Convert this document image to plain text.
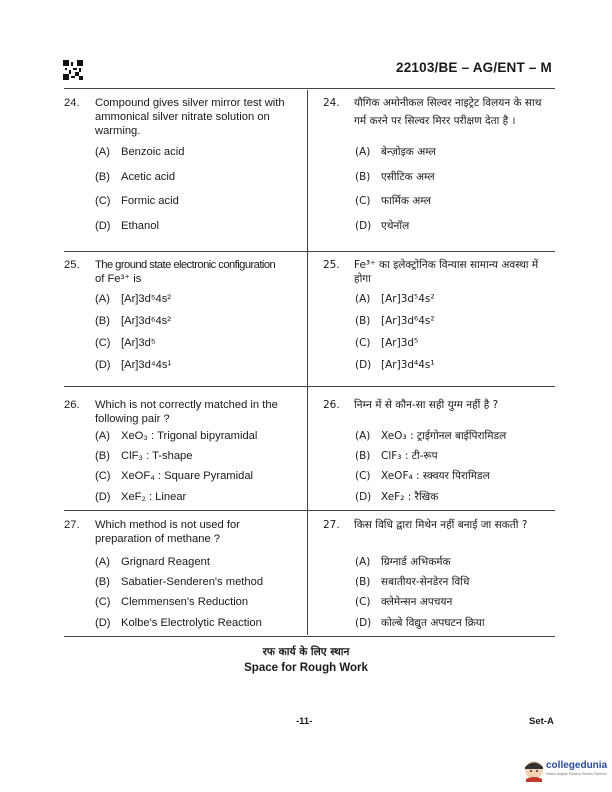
22103/BE – AG/ENT – M
24.	Compound gives silver mirror test with
ammonical silver nitrate solution on
warming.
(A) Benzoic acid
(B) Acetic acid
(C) Formic acid
(D) Ethanol
25.	The ground state electronic configuration
of Fe³⁺ is
(A) [Ar]3d⁵4s²
(B) [Ar]3d⁶4s²
(C) [Ar]3d⁵
(D) [Ar]3d⁴4s¹
26.	Which is not correctly matched in the
following pair ?
(A) XeO₃ : Trigonal bipyramidal
(B) ClF₃ : T-shape
(C) XeOF₄ : Square Pyramidal
(D) XeF₂ : Linear
27.	Which method is not used for
preparation of methane ?
(A) Grignard Reagent
(B) Sabatier-Senderen's method
(C) Clemmensen's Reduction
(D) Kolbe's Electrolytic Reaction
24.	यौगिक अमोनीकल सिल्वर नाइट्रेट विलयन के साथ
गर्म करने पर सिल्वर मिरर परीक्षण देता है ।
(A) बेन्ज़ोइक अम्ल
(B) एसीटिक अम्ल
(C) फार्मिक अम्ल
(D) एथेनॉल
25.	Fe³⁺ का इलेक्ट्रोनिक विन्यास सामान्य अवस्था में
होगा
(A) [Ar]3d⁵4s²
(B) [Ar]3d⁶4s²
(C) [Ar]3d⁵
(D) [Ar]3d⁴4s¹
26.	निम्न में से कौन-सा सही युग्म नहीं है ?
(A) XeO₃ : ट्राईगोनल बाईपिरामिडल
(B) ClF₃ : टी-रूप
(C) XeOF₄ : स्क्वयर पिरामिडल
(D) XeF₂ : रैखिक
27.	किस विधि द्वारा मिथेन नहीं बनाई जा सकती ?
(A) ग्रिग्नार्ड अभिकर्मक
(B) सबातीयर-सेनडेरन विधि
(C) क्लेमेन्सन अपचयन
(D) कोल्बे विद्युत अपघटन क्रिया
रफ कार्य के लिए स्थान
Space for Rough Work
-11-	Set-A
collegedunia
India's largest Student Review Platform
